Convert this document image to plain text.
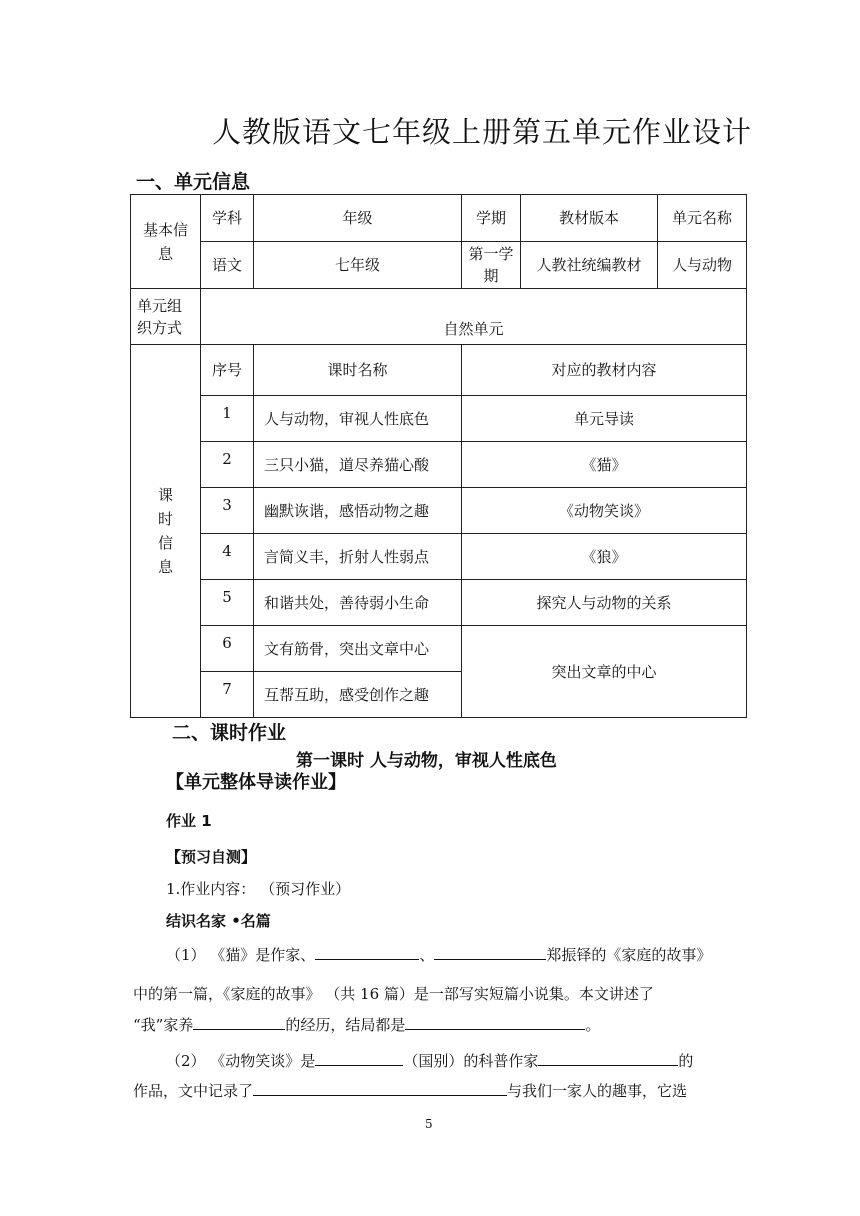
人教版语文七年级上册第五单元作业设计
一、单元信息
基本信息	学科	年级	学期	教材版本	单元名称
	语文	七年级	第一学期	人教社统编教材	人与动物
单元组织方式	自然单元				

课时信息	序号	课时名称	对应的教材内容		
	1	人与动物，审视人性底色	单元导读		
	2	三只小猫，道尽养猫心酸	《猫》		
	3	幽默诙谐，感悟动物之趣	《动物笑谈》		
	4	言简义丰，折射人性弱点	《狼》		
	5	和谐共处，善待弱小生命	探究人与动物的关系		
	6	文有筋骨，突出文章中心	突出文章的中心		
	7	互帮互助，感受创作之趣			
二、课时作业
第一课时 人与动物，审视人性底色
【单元整体导读作业】
作业 1
【预习自测】
1.作业内容： （预习作业）
结识名家 •名篇
（1） 《猫》是作家、	、	郑振铎的《家庭的故事》
中的第一篇，《家庭的故事》 （共 16 篇）是一部写实短篇小说集。本文讲述了
“我”家养	的经历，结局都是	。
（2） 《动物笑谈》是	（国别）的科普作家	的
作品，文中记录了	与我们一家人的趣事，它选
5
